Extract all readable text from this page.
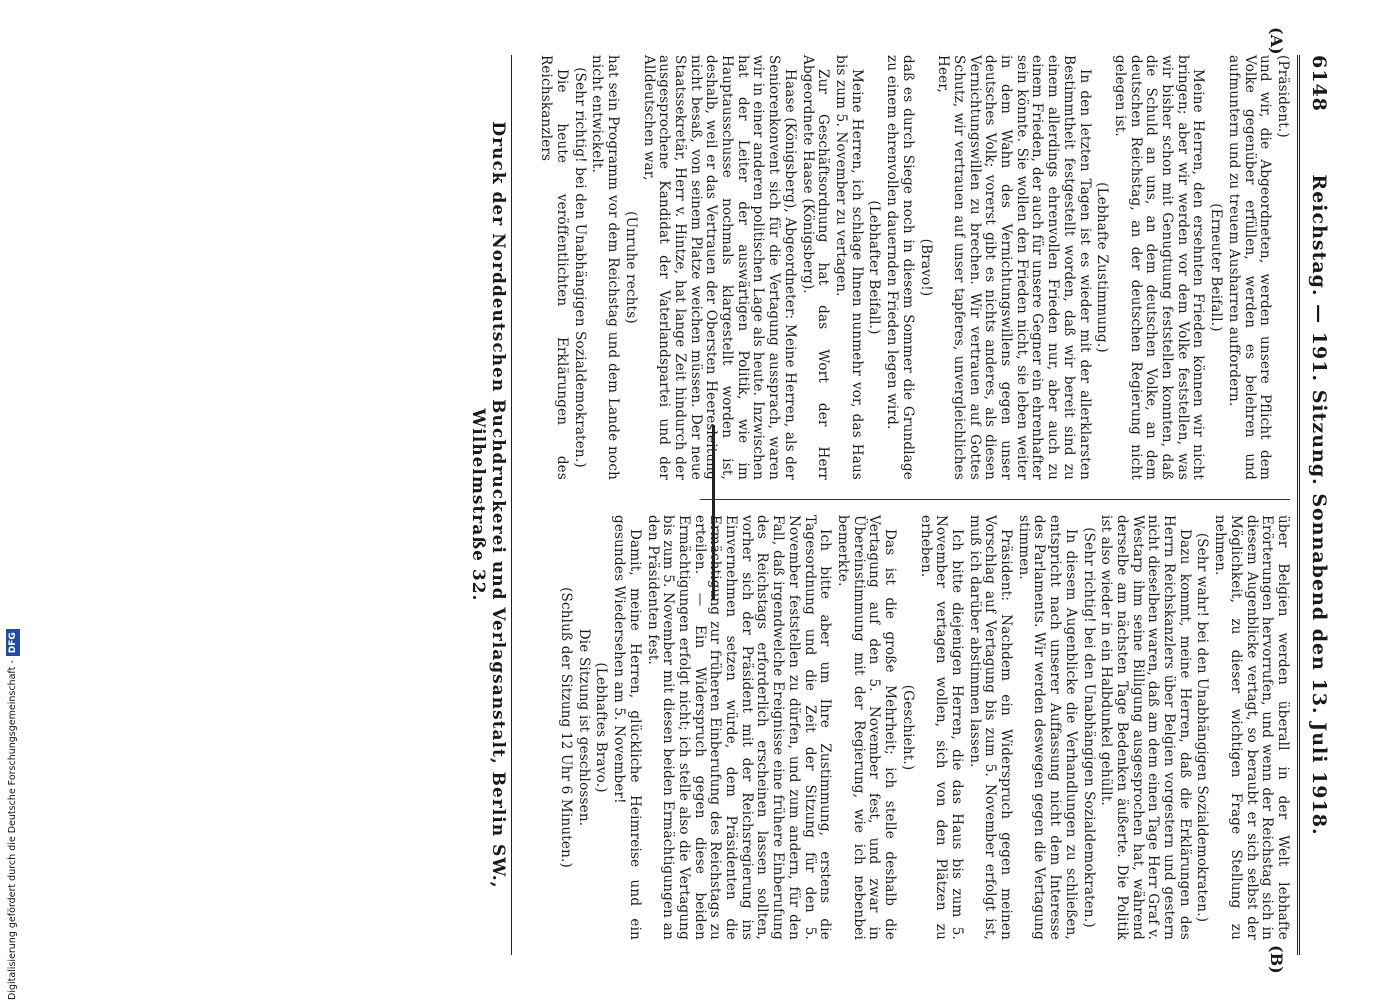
6148
Reichstag. — 191. Sitzung. Sonnabend den 13. Juli 1918.
(A)
(B)

(Präsident.)

und wir, die Abgeordneten, werden unsere Pflicht dem Volke gegenüber erfüllen, werden es belehren und aufmuntern und zu treuem Ausharren auffordern.

(Erneuter Beifall.)

Meine Herren, den ersehnten Frieden können wir nicht bringen; aber wir werden vor dem Volke feststellen, was wir bisher schon mit Genugtuung feststellen konnten, daß die Schuld an uns, an dem deutschen Volke, an dem deutschen Reichstag, an der deutschen Regierung nicht gelegen ist.

(Lebhafte Zustimmung.)

In den letzten Tagen ist es wieder mit der allerklarsten Bestimmtheit festgestellt worden, daß wir bereit sind zu einem allerdings ehrenvollen Frieden nur, aber auch zu einem Frieden, der auch für unsere Gegner ein ehrenhafter sein könnte. Sie wollen den Frieden nicht, sie leben weiter in dem Wahn des Vernichtungswillens gegen unser deutsches Volk; vorerst gibt es nichts anderes, als diesen Vernichtungswillen zu brechen. Wir vertrauen auf Gottes Schutz, wir vertrauen auf unser tapferes, unvergleichliches Heer,

(Bravo!)

daß es durch Siege noch in diesem Sommer die Grundlage zu einem ehrenvollen dauernden Frieden legen wird.

(Lebhafter Beifall.)

Meine Herren, ich schlage Ihnen nunmehr vor, das Haus bis zum 5. November zu vertagen.

Zur Geschäftsordnung hat das Wort der Herr Abgeordnete Haase (Königsberg).

Haase (Königsberg), Abgeordneter: Meine Herren, als der Seniorenkonvent sich für die Vertagung aussprach, waren wir in einer anderen politischen Lage als heute. Inzwischen hat der Leiter der auswärtigen Politik, wie im Hauptausschusse nochmals klargestellt worden ist, deshalb, weil er das Vertrauen der Obersten Heeresleitung nicht besaß, von seinem Platze weichen müssen. Der neue Staatssekretär, Herr v. Hintze, hat lange Zeit hindurch der ausgesprochene Kandidat der Vaterlandspartei und der Alldeutschen war,

(Unruhe rechts)

hat sein Programm vor dem Reichstag und dem Lande noch nicht entwickelt.

(Sehr richtig! bei den Unabhängigen Sozialdemokraten.)

Die heute veröffentlichten Erklärungen des Reichskanzlers

über Belgien werden überall in der Welt lebhafte Erörterungen hervorrufen, und wenn der Reichstag sich in diesem Augenblicke vertagt, so beraubt er sich selbst der Möglichkeit, zu dieser wichtigen Frage Stellung zu nehmen.

(Sehr wahr! bei den Unabhängigen Sozialdemokraten.)

Dazu kommt, meine Herren, daß die Erklärungen des Herrn Reichskanzlers über Belgien vorgestern und gestern nicht dieselben waren, daß am dem einen Tage Herr Graf v. Westarp ihm seine Billigung ausgesprochen hat, während derselbe am nächsten Tage Bedenken äußerte. Die Politik ist also wieder in ein Halbdunkel gehüllt.

(Sehr richtig! bei den Unabhängigen Sozialdemokraten.)

In diesem Augenblicke die Verhandlungen zu schließen, entspricht nach unserer Auffassung nicht dem Interesse des Parlaments. Wir werden deswegen gegen die Vertagung stimmen.

Präsident: Nachdem ein Widerspruch gegen meinen Vorschlag auf Vertagung bis zum 5. November erfolgt ist, muß ich darüber abstimmen lassen.

Ich bitte diejenigen Herren, die das Haus bis zum 5. November vertagen wollen, sich von den Plätzen zu erheben.

(Geschieht.)

Das ist die große Mehrheit; ich stelle deshalb die Vertagung auf den 5. November fest, und zwar in Übereinstimmung mit der Regierung, wie ich nebenbei bemerkte.

Ich bitte aber um Ihre Zustimmung, erstens die Tagesordnung und die Zeit der Sitzung für den 5. November feststellen zu dürfen, und zum andern, für den Fall, daß irgendwelche Ereignisse eine frühere Einberufung des Reichstags erforderlich erscheinen lassen sollten, vorher sich der Präsident mit der Reichsregierung ins Einvernehmen setzen würde, dem Präsidenten die Ermächtigung zur früheren Einberufung des Reichstags zu erteilen. — Ein Widerspruch gegen diese beiden Ermächtigungen erfolgt nicht; ich stelle also die Vertagung bis zum 5. November mit diesen beiden Ermächtigungen an den Präsidenten fest.

Damit, meine Herren, glückliche Heimreise und ein gesundes Wiedersehen am 5. November!

(Lebhaftes Bravo.)

Die Sitzung ist geschlossen.

(Schluß der Sitzung 12 Uhr 6 Minuten.)

Druck der Norddeutschen Buchdruckerei und Verlagsanstalt, Berlin SW., Wilhelmstraße 32.
Digitalisierung gefördert durch die Deutsche Forschungsgemeinschaft -DFG
